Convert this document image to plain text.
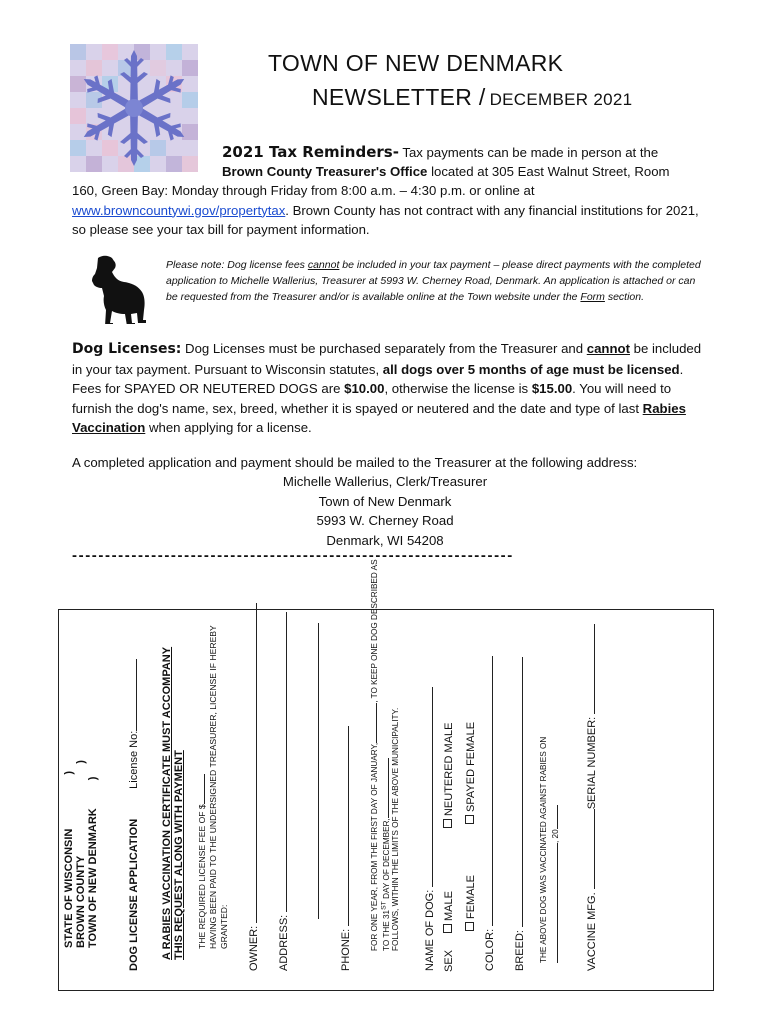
TOWN OF NEW DENMARK
NEWSLETTER / DECEMBER 2021
2021 Tax Reminders- Tax payments can be made in person at the
Brown County Treasurer's Office located at 305 East Walnut Street, Room
160, Green Bay: Monday through Friday from 8:00 a.m. – 4:30 p.m. or online at www.browncountywi.gov/propertytax. Brown County has not contract with any financial institutions for 2021, so please see your tax bill for payment information.
Please note: Dog license fees cannot be included in your tax payment – please direct payments with the completed application to Michelle Wallerius, Treasurer at 5993 W. Cherney Road, Denmark. An application is attached or can be requested from the Treasurer and/or is available online at the Town website under the Form section.
Dog Licenses: Dog Licenses must be purchased separately from the Treasurer and cannot be included in your tax payment. Pursuant to Wisconsin statutes, all dogs over 5 months of age must be licensed. Fees for SPAYED OR NEUTERED DOGS are $10.00, otherwise the license is $15.00. You will need to furnish the dog's name, sex, breed, whether it is spayed or neutered and the date and type of last Rabies Vaccination when applying for a license.
A completed application and payment should be mailed to the Treasurer at the following address:
Michelle Wallerius, Clerk/Treasurer
Town of New Denmark
5993 W. Cherney Road
Denmark, WI 54208
-------------------------------------------------------------------
STATE OF WISCONSIN)
BROWN COUNTY)
TOWN OF NEW DENMARK)
DOG LICENSE APPLICATIONLicense No: A RABIES VACCINATION CERTIFICATE MUST ACCOMPANY THIS REQUEST ALONG WITH PAYMENT THE REQUIRED LICENSE FEE OF $ HAVING BEEN PAID TO THE UNDERSIGNED TREASURER, LICENSE IF HEREBY GRANTED: OWNER: ADDRESS:	PHONE:	FOR ONE YEAR, FROM THE FIRST DAY OF JANUARY,, TO KEEP ONE DOG DESCRIBED AS
TO THE 31ST DAY OF DECEMBER, FOLLOWS, WITHIN THE LIMITS OF THE ABOVE MUNICIPALITY. NAME OF DOG: SEXMALENEUTERED MALE
FEMALESPAYED FEMALE
COLOR: BREED: THE ABOVE DOG WAS VACCINATED AGAINST RABIES ON , 20
VACCINE MFG. SERIAL NUMBER:
